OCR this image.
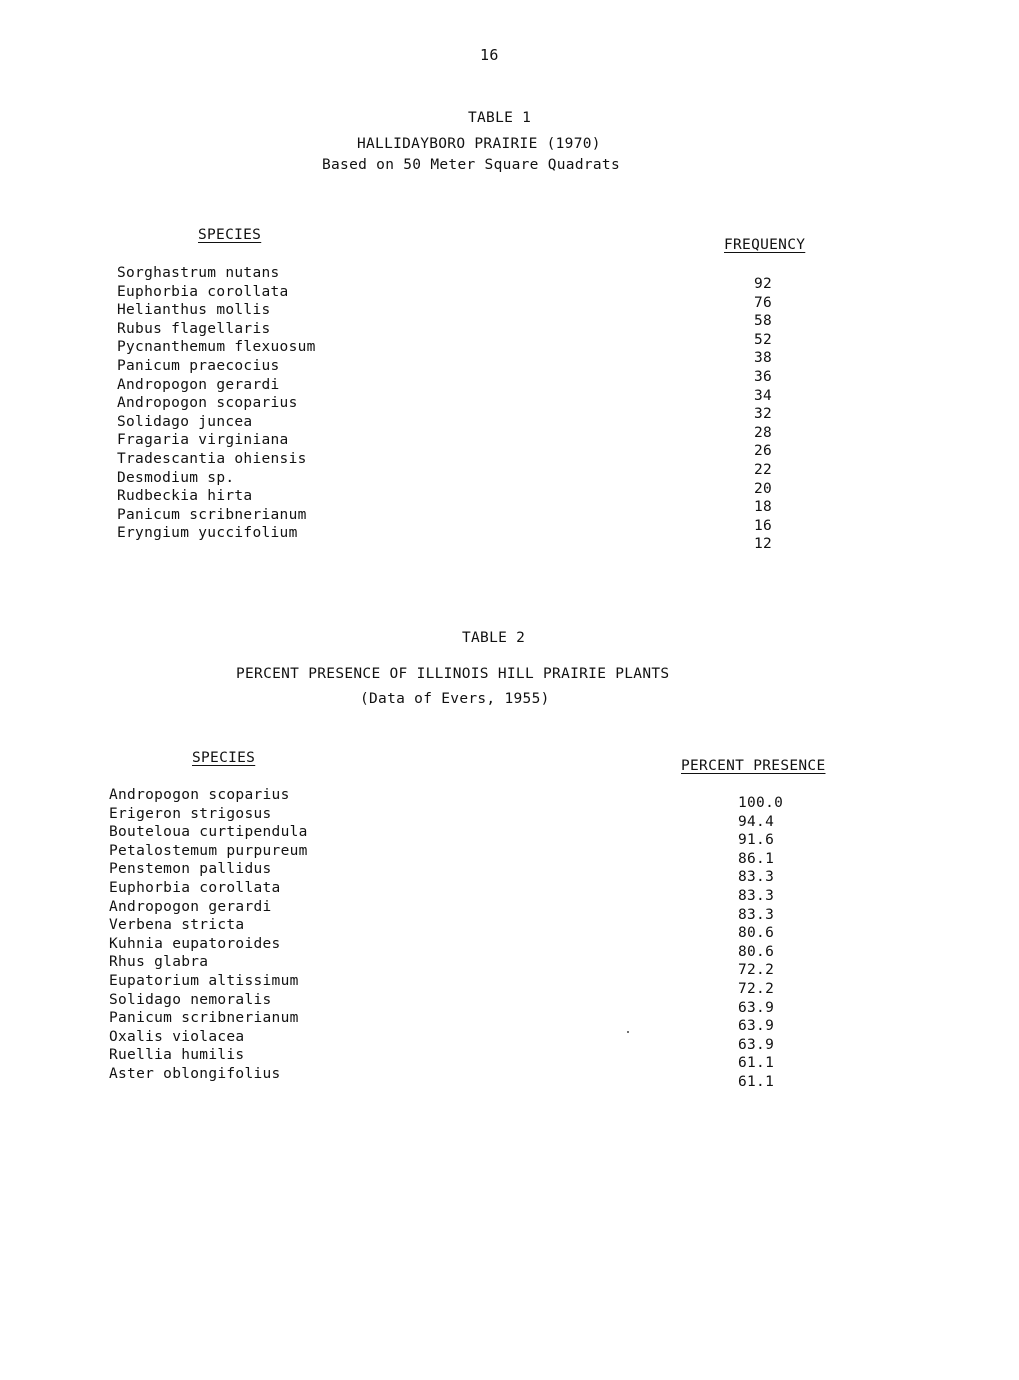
16
TABLE 1
HALLIDAYBORO PRAIRIE (1970)
Based on 50 Meter Square Quadrats
SPECIES
FREQUENCY
Sorghastrum nutans
Euphorbia corollata
Helianthus mollis
Rubus flagellaris
Pycnanthemum flexuosum
Panicum praecocius
Andropogon gerardi
Andropogon scoparius
Solidago juncea
Fragaria virginiana
Tradescantia ohiensis
Desmodium sp.
Rudbeckia hirta
Panicum scribnerianum
Eryngium yuccifolium
92
76
58
52
38
36
34
32
28
26
22
20
18
16
12
TABLE 2
PERCENT PRESENCE OF ILLINOIS HILL PRAIRIE PLANTS
(Data of Evers, 1955)
SPECIES	PERCENT PRESENCE
Andropogon scoparius
Erigeron strigosus
Bouteloua curtipendula
Petalostemum purpureum
Penstemon pallidus
Euphorbia corollata
Andropogon gerardi
Verbena stricta
Kuhnia eupatoroides
Rhus glabra
Eupatorium altissimum
Solidago nemoralis
Panicum scribnerianum
Oxalis violacea
Ruellia humilis
Aster oblongifolius
100.0
94.4
91.6
86.1
83.3
83.3
83.3
80.6
80.6
72.2
72.2
63.9
63.9
63.9
61.1
61.1
